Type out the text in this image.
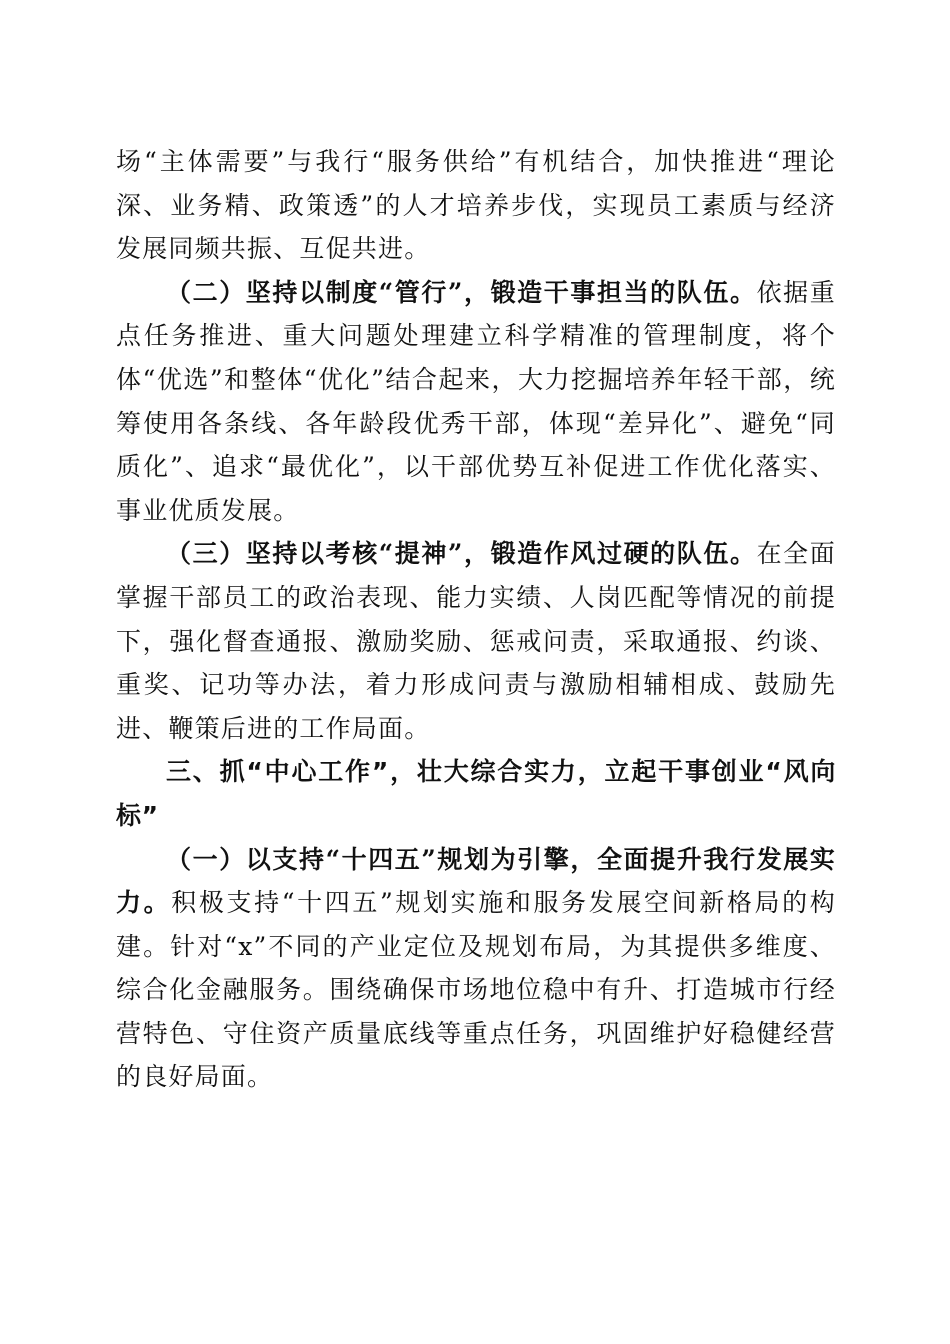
场“主体需要”与我行“服务供给”有机结合，加快推进“理论深、业务精、政策透”的人才培养步伐，实现员工素质与经济发展同频共振、互促共进。

（二）坚持以制度“管行”，锻造干事担当的队伍。依据重点任务推进、重大问题处理建立科学精准的管理制度，将个体“优选”和整体“优化”结合起来，大力挖掘培养年轻干部，统筹使用各条线、各年龄段优秀干部，体现“差异化”、避免“同质化”、追求“最优化”，以干部优势互补促进工作优化落实、事业优质发展。

（三）坚持以考核“提神”，锻造作风过硬的队伍。在全面掌握干部员工的政治表现、能力实绩、人岗匹配等情况的前提下，强化督查通报、激励奖励、惩戒问责，采取通报、约谈、重奖、记功等办法，着力形成问责与激励相辅相成、鼓励先进、鞭策后进的工作局面。

三、抓“中心工作”，壮大综合实力，立起干事创业“风向标”

（一）以支持“十四五”规划为引擎，全面提升我行发展实力。积极支持“十四五”规划实施和服务发展空间新格局的构建。针对“x”不同的产业定位及规划布局，为其提供多维度、综合化金融服务。围绕确保市场地位稳中有升、打造城市行经营特色、守住资产质量底线等重点任务，巩固维护好稳健经营的良好局面。
